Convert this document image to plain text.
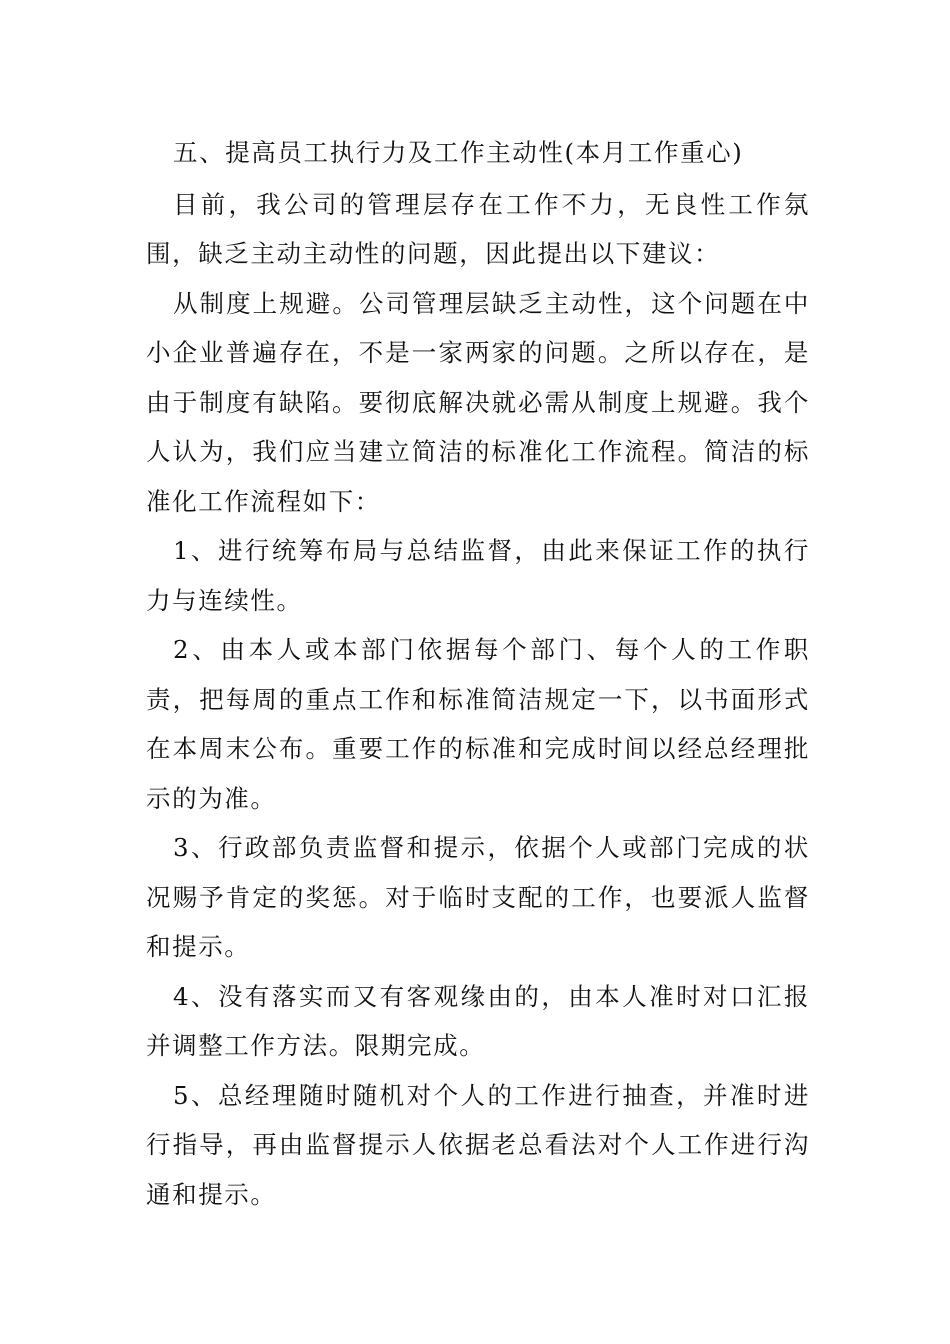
五、提高员工执行力及工作主动性(本月工作重心)

目前，我公司的管理层存在工作不力，无良性工作氛围，缺乏主动主动性的问题，因此提出以下建议：

从制度上规避。公司管理层缺乏主动性，这个问题在中小企业普遍存在，不是一家两家的问题。之所以存在，是由于制度有缺陷。要彻底解决就必需从制度上规避。我个人认为，我们应当建立简洁的标准化工作流程。简洁的标准化工作流程如下：

1、进行统筹布局与总结监督，由此来保证工作的执行力与连续性。

2、由本人或本部门依据每个部门、每个人的工作职责，把每周的重点工作和标准简洁规定一下，以书面形式在本周末公布。重要工作的标准和完成时间以经总经理批示的为准。

3、行政部负责监督和提示，依据个人或部门完成的状况赐予肯定的奖惩。对于临时支配的工作，也要派人监督和提示。

4、没有落实而又有客观缘由的，由本人准时对口汇报并调整工作方法。限期完成。

5、总经理随时随机对个人的工作进行抽查，并准时进行指导，再由监督提示人依据老总看法对个人工作进行沟通和提示。
